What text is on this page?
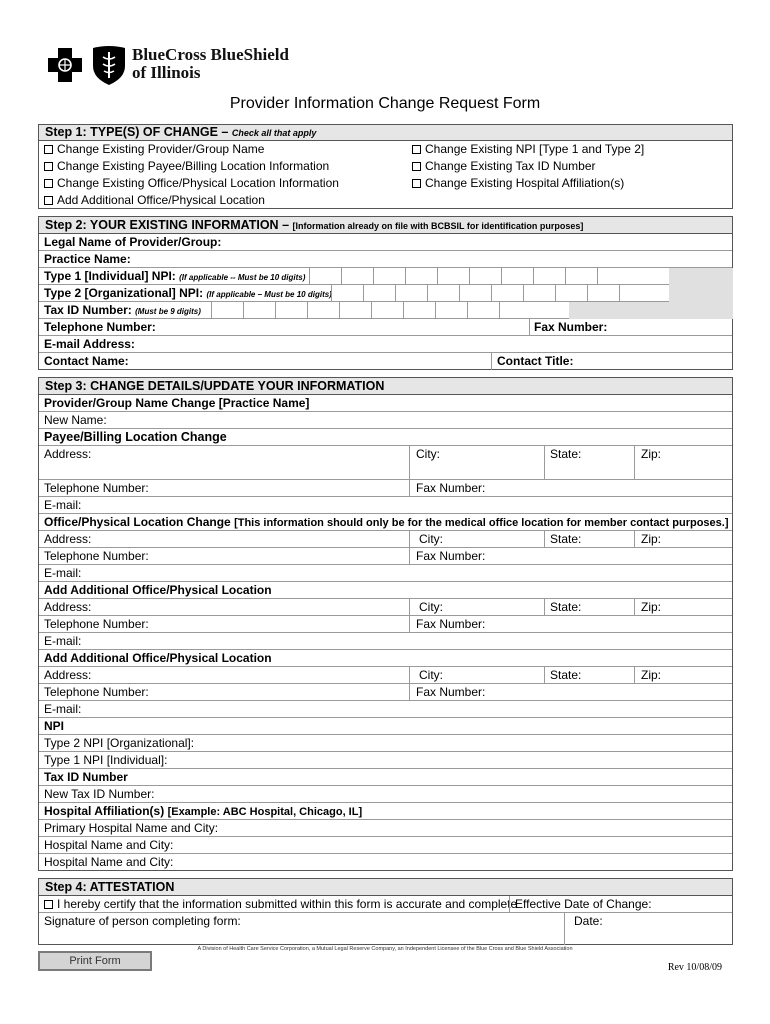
BlueCross BlueShield
of Illinois
Provider Information Change Request Form
Step 1: TYPE(S) OF CHANGE – Check all that apply
Change Existing Provider/Group Name
Change Existing Payee/Billing Location Information
Change Existing Office/Physical Location Information
Add Additional Office/Physical Location
Change Existing NPI [Type 1 and Type 2]
Change Existing Tax ID Number
Change Existing Hospital Affiliation(s)
Step 2: YOUR EXISTING INFORMATION – [Information already on file with BCBSIL for identification purposes]
Legal Name of Provider/Group:
Practice Name:
Type 1 [Individual] NPI: (If applicable -- Must be 10 digits)
Type 2 [Organizational] NPI: (If applicable – Must be 10 digits)
Tax ID Number: (Must be 9 digits)
Telephone Number:	Fax Number:
E-mail Address:
Contact Name:	Contact Title:
Step 3: CHANGE DETAILS/UPDATE YOUR INFORMATION
Provider/Group Name Change [Practice Name]
New Name:
Payee/Billing Location Change
Address:	City:	State:	Zip:
Telephone Number:	Fax Number:
E-mail:
Office/Physical Location Change [This information should only be for the medical office location for member contact purposes.]
Address:	City:	State:	Zip:
Telephone Number:	Fax Number:
E-mail:
Add Additional Office/Physical Location
Address:	City:	State:	Zip:
Telephone Number:	Fax Number:
E-mail:
Add Additional Office/Physical Location
Address:	City:	State:	Zip:
Telephone Number:	Fax Number:
E-mail:
NPI
Type 2 NPI [Organizational]:
Type 1 NPI [Individual]:
Tax ID Number
New Tax ID Number:
Hospital Affiliation(s) [Example: ABC Hospital, Chicago, IL]
Primary Hospital Name and City:
Hospital Name and City:
Hospital Name and City:
Step 4: ATTESTATION
I hereby certify that the information submitted within this form is accurate and complete
Effective Date of Change:
Signature of person completing form:	Date:
A Division of Health Care Service Corporation, a Mutual Legal Reserve Company, an Independent Licensee of the Blue Cross and Blue Shield Association
Print Form
Rev 10/08/09
